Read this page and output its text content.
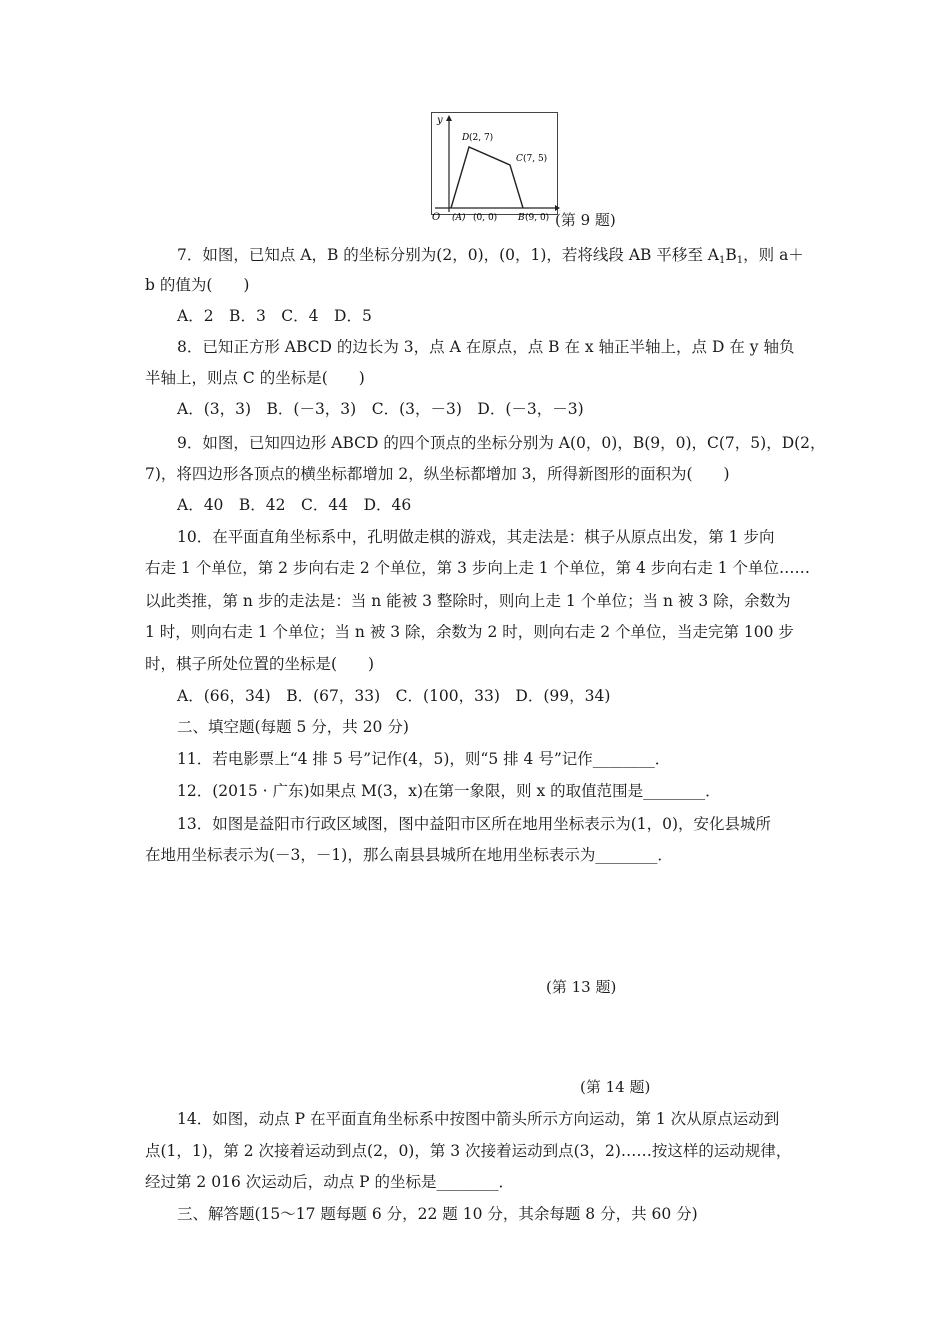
y
O (A) (0, 0) B (9, 0)
C (7, 5)
D (2, 7)
(第 9 题)
7．如图，已知点 A，B 的坐标分别为(2，0)，(0，1)，若将线段 AB 平移至 $A_1B_1$，则 a＋
b 的值为(　　)
A．2　B．3　C．4　D．5
8．已知正方形 ABCD 的边长为 3，点 A 在原点，点 B 在 x 轴正半轴上，点 D 在 y 轴负
半轴上，则点 C 的坐标是(　　)
A．(3，3)　B．(－3，3)　C．(3，－3)　D．(－3，－3)
9．如图，已知四边形 ABCD 的四个顶点的坐标分别为 A(0，0)，B(9，0)，C(7，5)，D(2，
7)，将四边形各顶点的横坐标都增加 2，纵坐标都增加 3，所得新图形的面积为(　　)
A．40　B．42　C．44　D．46
10．在平面直角坐标系中，孔明做走棋的游戏，其走法是：棋子从原点出发，第 1 步向
右走 1 个单位，第 2 步向右走 2 个单位，第 3 步向上走 1 个单位，第 4 步向右走 1 个单位……
以此类推，第 n 步的走法是：当 n 能被 3 整除时，则向上走 1 个单位；当 n 被 3 除，余数为
1 时，则向右走 1 个单位；当 n 被 3 除，余数为 2 时，则向右走 2 个单位，当走完第 100 步
时，棋子所处位置的坐标是(　　)
A．(66，34)　B．(67，33)　C．(100，33)　D．(99，34)
二、填空题(每题 5 分，共 20 分)
11．若电影票上“4 排 5 号”记作(4，5)，则“5 排 4 号”记作________．
12．(2015 · 广东)如果点 M(3，x)在第一象限，则 x 的取值范围是________．
13．如图是益阳市行政区域图，图中益阳市区所在地用坐标表示为(1，0)，安化县城所
在地用坐标表示为(－3，－1)，那么南县县城所在地用坐标表示为________．
(第 13 题)
(第 14 题)
14．如图，动点 P 在平面直角坐标系中按图中箭头所示方向运动，第 1 次从原点运动到
点(1，1)，第 2 次接着运动到点(2，0)，第 3 次接着运动到点(3，2)……按这样的运动规律，
经过第 2 016 次运动后，动点 P 的坐标是________．
三、解答题(15～17 题每题 6 分，22 题 10 分，其余每题 8 分，共 60 分)
